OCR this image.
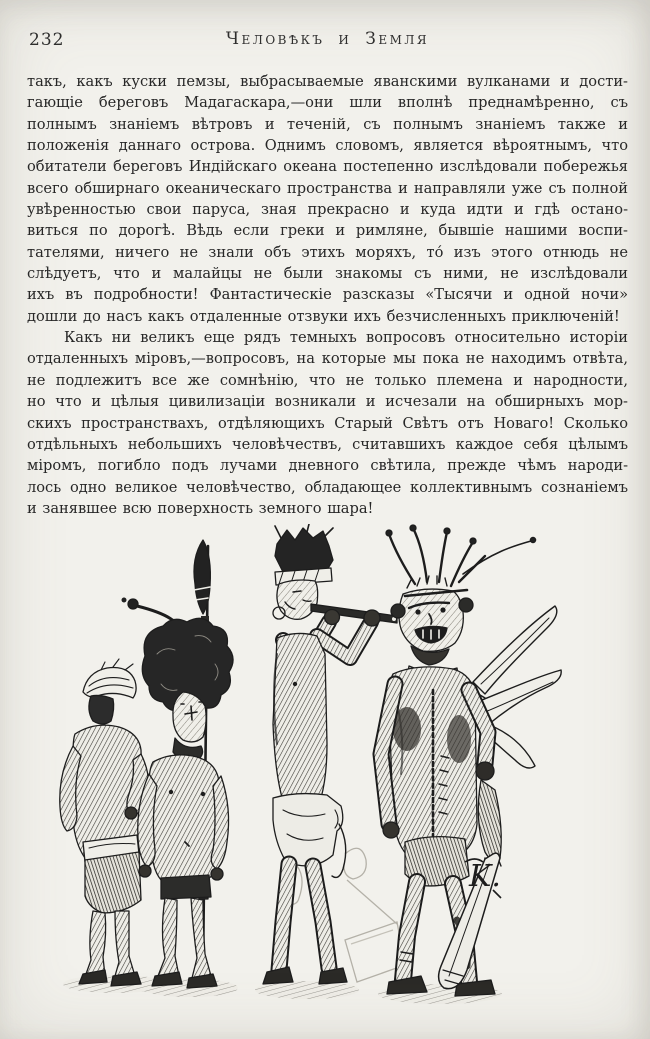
232	Человѣкъ и Земля
такъ, какъ куски пемзы, выбрасываемые яванскими вулканами и дости-
гающіе береговъ Мадагаскара,—они шли вполнѣ преднамѣренно, съ
полнымъ знаніемъ вѣтровъ и теченій, съ полнымъ знаніемъ также и
положенія даннаго острова. Однимъ словомъ, является вѣроятнымъ, что
обитатели береговъ Индійскаго океана постепенно изслѣдовали побережья
всего обширнаго океаническаго пространства и направляли уже съ полной
увѣренностью свои паруса, зная прекрасно и куда идти и гдѣ остано-
виться по дорогѣ. Вѣдь если греки и римляне, бывшіе нашими воспи-
тателями, ничего не знали объ этихъ моряхъ, то́ изъ этого отнюдь не
слѣдуетъ, что и малайцы не были знакомы съ ними, не изслѣдовали
ихъ въ подробности! Фантастическіе разсказы «Тысячи и одной ночи»
дошли до насъ какъ отдаленные отзвуки ихъ безчисленныхъ приключеній!
Какъ ни великъ еще рядъ темныхъ вопросовъ относительно исторіи
отдаленныхъ міровъ,—вопросовъ, на которые мы пока не находимъ отвѣта,
не подлежитъ все же сомнѣнію, что не только племена и народности,
но что и цѣлыя цивилизаціи возникали и исчезали на обширныхъ мор-
скихъ пространствахъ, отдѣляющихъ Старый Свѣтъ отъ Новаго! Сколько
отдѣльныхъ небольшихъ человѣчествъ, считавшихъ каждое себя цѣлымъ
міромъ, погибло подъ лучами дневного свѣтила, прежде чѣмъ народи-
лось одно великое человѣчество, обладающее коллективнымъ сознаніемъ
и занявшее всю поверхность земного шара!
K.
